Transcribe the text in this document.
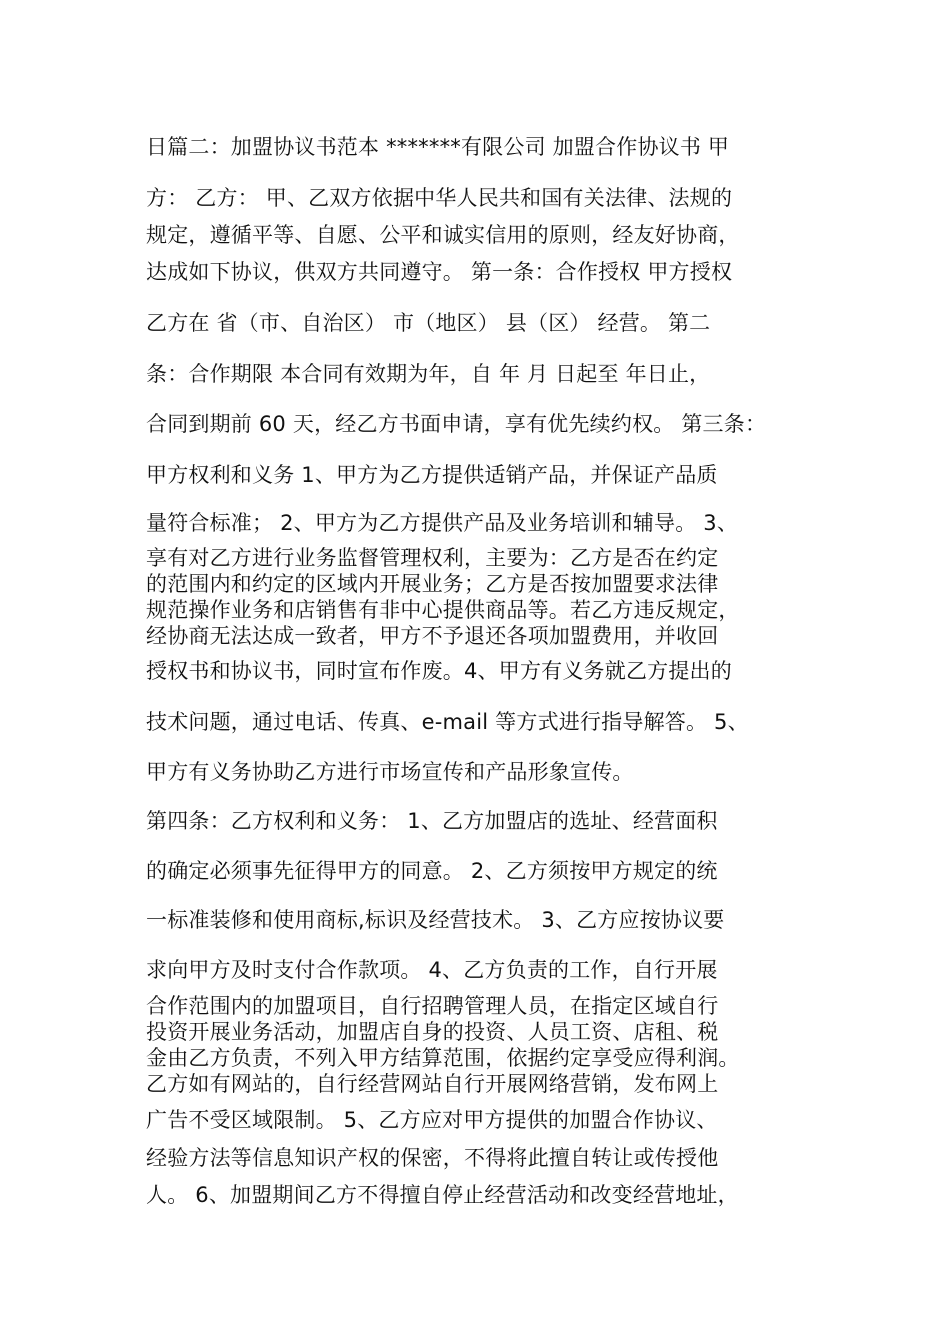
日篇二：加盟协议书范本 *******有限公司 加盟合作协议书 甲
方： 乙方： 甲、乙双方依据中华人民共和国有关法律、法规的
规定，遵循平等、自愿、公平和诚实信用的原则，经友好协商，
达成如下协议，供双方共同遵守。 第一条：合作授权 甲方授权
乙方在 省（市、自治区） 市（地区） 县（区） 经营。 第二
条：合作期限 本合同有效期为年，自 年 月 日起至 年日止，
合同到期前 60 天，经乙方书面申请，享有优先续约权。 第三条：
甲方权利和义务 1、甲方为乙方提供适销产品，并保证产品质
量符合标准； 2、甲方为乙方提供产品及业务培训和辅导。 3、
享有对乙方进行业务监督管理权利，主要为：乙方是否在约定
的范围内和约定的区域内开展业务；乙方是否按加盟要求法律
规范操作业务和店销售有非中心提供商品等。若乙方违反规定，
经协商无法达成一致者，甲方不予退还各项加盟费用，并收回
授权书和协议书，同时宣布作废。4、甲方有义务就乙方提出的
技术问题，通过电话、传真、e-mail 等方式进行指导解答。 5、
甲方有义务协助乙方进行市场宣传和产品形象宣传。
第四条：乙方权利和义务： 1、乙方加盟店的选址、经营面积
的确定必须事先征得甲方的同意。 2、乙方须按甲方规定的统
一标准装修和使用商标,标识及经营技术。 3、乙方应按协议要
求向甲方及时支付合作款项。 4、乙方负责的工作，自行开展
合作范围内的加盟项目，自行招聘管理人员，在指定区域自行
投资开展业务活动，加盟店自身的投资、人员工资、店租、税
金由乙方负责，不列入甲方结算范围，依据约定享受应得利润。
乙方如有网站的，自行经营网站自行开展网络营销，发布网上
广告不受区域限制。 5、乙方应对甲方提供的加盟合作协议、
经验方法等信息知识产权的保密，不得将此擅自转让或传授他
人。 6、加盟期间乙方不得擅自停止经营活动和改变经营地址，
